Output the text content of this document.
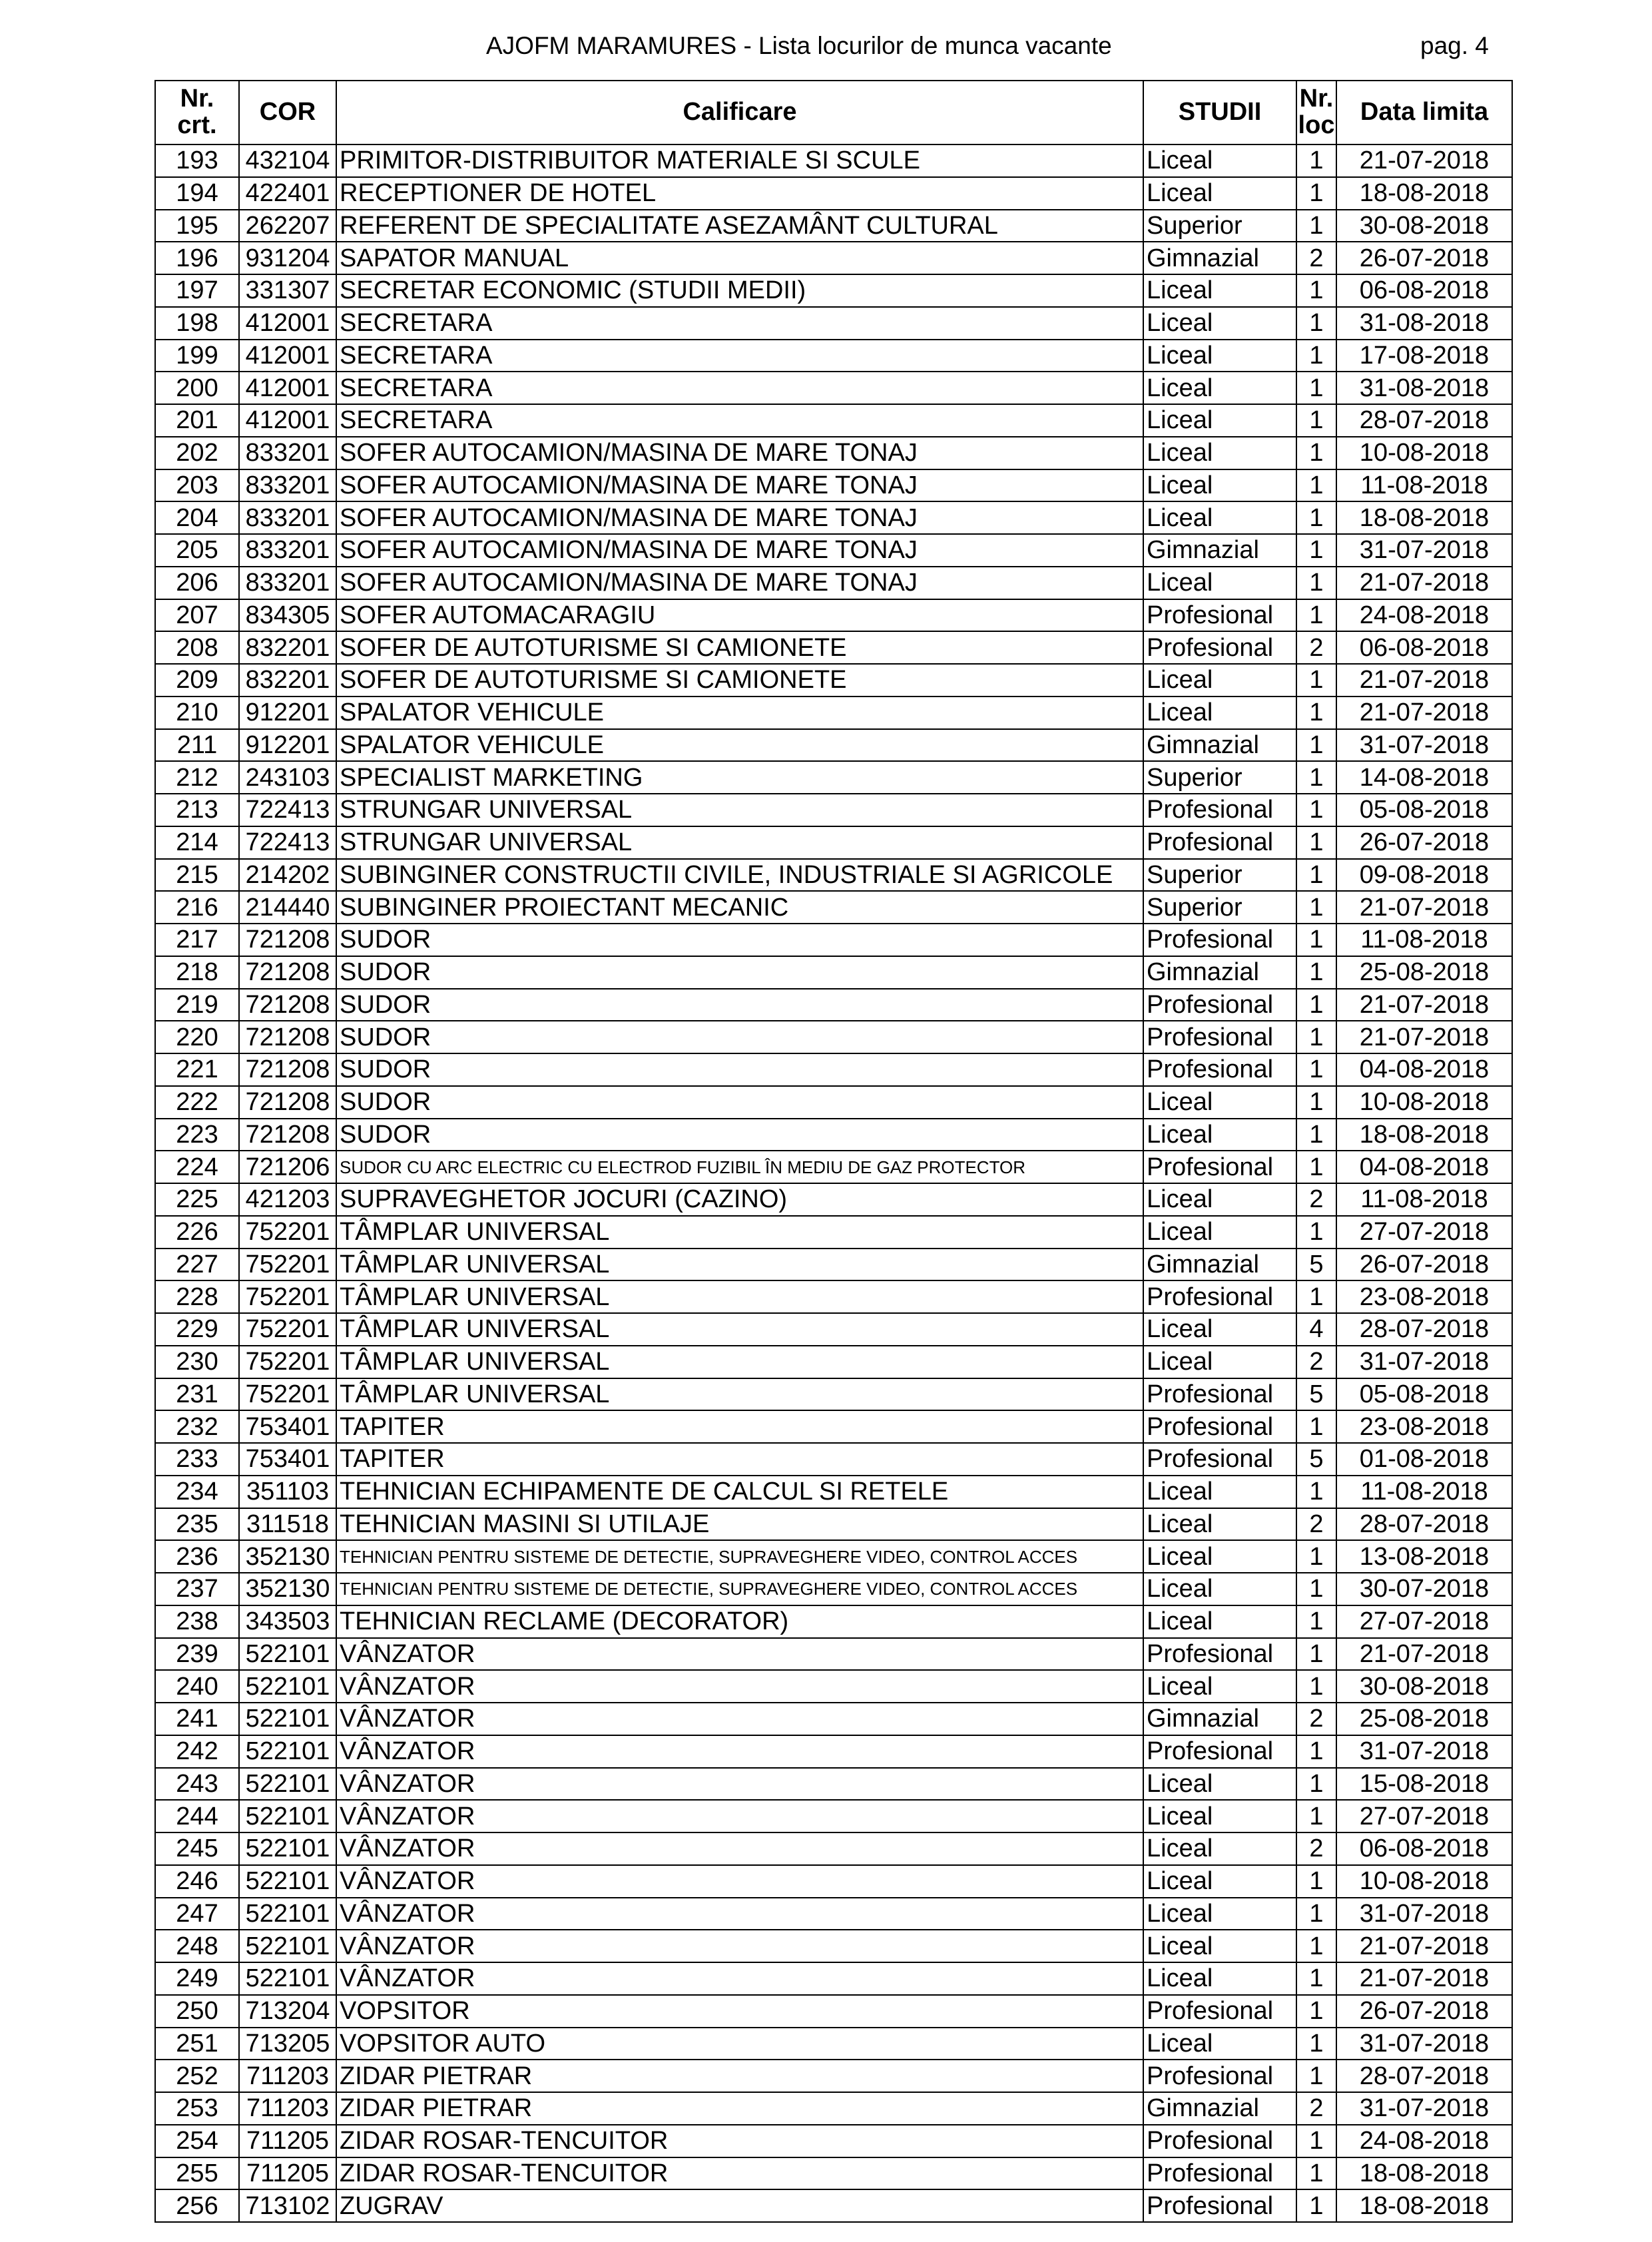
AJOFM MARAMURES - Lista locurilor de munca vacante	pag. 4
Nr.
crt.	COR	Calificare	STUDII	Nr.
loc	Data limita
193	432104	PRIMITOR-DISTRIBUITOR MATERIALE SI SCULE	Liceal	1	21-07-2018
194	422401	RECEPTIONER DE HOTEL	Liceal	1	18-08-2018
195	262207	REFERENT DE SPECIALITATE ASEZAMÂNT CULTURAL	Superior	1	30-08-2018
196	931204	SAPATOR MANUAL	Gimnazial	2	26-07-2018
197	331307	SECRETAR ECONOMIC (STUDII MEDII)	Liceal	1	06-08-2018
198	412001	SECRETARA	Liceal	1	31-08-2018
199	412001	SECRETARA	Liceal	1	17-08-2018
200	412001	SECRETARA	Liceal	1	31-08-2018
201	412001	SECRETARA	Liceal	1	28-07-2018
202	833201	SOFER AUTOCAMION/MASINA DE MARE TONAJ	Liceal	1	10-08-2018
203	833201	SOFER AUTOCAMION/MASINA DE MARE TONAJ	Liceal	1	11-08-2018
204	833201	SOFER AUTOCAMION/MASINA DE MARE TONAJ	Liceal	1	18-08-2018
205	833201	SOFER AUTOCAMION/MASINA DE MARE TONAJ	Gimnazial	1	31-07-2018
206	833201	SOFER AUTOCAMION/MASINA DE MARE TONAJ	Liceal	1	21-07-2018
207	834305	SOFER AUTOMACARAGIU	Profesional	1	24-08-2018
208	832201	SOFER DE AUTOTURISME SI CAMIONETE	Profesional	2	06-08-2018
209	832201	SOFER DE AUTOTURISME SI CAMIONETE	Liceal	1	21-07-2018
210	912201	SPALATOR VEHICULE	Liceal	1	21-07-2018
211	912201	SPALATOR VEHICULE	Gimnazial	1	31-07-2018
212	243103	SPECIALIST MARKETING	Superior	1	14-08-2018
213	722413	STRUNGAR UNIVERSAL	Profesional	1	05-08-2018
214	722413	STRUNGAR UNIVERSAL	Profesional	1	26-07-2018
215	214202	SUBINGINER CONSTRUCTII CIVILE, INDUSTRIALE SI AGRICOLE	Superior	1	09-08-2018
216	214440	SUBINGINER PROIECTANT MECANIC	Superior	1	21-07-2018
217	721208	SUDOR	Profesional	1	11-08-2018
218	721208	SUDOR	Gimnazial	1	25-08-2018
219	721208	SUDOR	Profesional	1	21-07-2018
220	721208	SUDOR	Profesional	1	21-07-2018
221	721208	SUDOR	Profesional	1	04-08-2018
222	721208	SUDOR	Liceal	1	10-08-2018
223	721208	SUDOR	Liceal	1	18-08-2018
224	721206	SUDOR CU ARC ELECTRIC CU ELECTROD FUZIBIL ÎN MEDIU DE GAZ PROTECTOR	Profesional	1	04-08-2018
225	421203	SUPRAVEGHETOR JOCURI (CAZINO)	Liceal	2	11-08-2018
226	752201	TÂMPLAR UNIVERSAL	Liceal	1	27-07-2018
227	752201	TÂMPLAR UNIVERSAL	Gimnazial	5	26-07-2018
228	752201	TÂMPLAR UNIVERSAL	Profesional	1	23-08-2018
229	752201	TÂMPLAR UNIVERSAL	Liceal	4	28-07-2018
230	752201	TÂMPLAR UNIVERSAL	Liceal	2	31-07-2018
231	752201	TÂMPLAR UNIVERSAL	Profesional	5	05-08-2018
232	753401	TAPITER	Profesional	1	23-08-2018
233	753401	TAPITER	Profesional	5	01-08-2018
234	351103	TEHNICIAN ECHIPAMENTE DE CALCUL SI RETELE	Liceal	1	11-08-2018
235	311518	TEHNICIAN MASINI SI UTILAJE	Liceal	2	28-07-2018
236	352130	TEHNICIAN PENTRU SISTEME DE DETECTIE, SUPRAVEGHERE VIDEO, CONTROL ACCES	Liceal	1	13-08-2018
237	352130	TEHNICIAN PENTRU SISTEME DE DETECTIE, SUPRAVEGHERE VIDEO, CONTROL ACCES	Liceal	1	30-07-2018
238	343503	TEHNICIAN RECLAME (DECORATOR)	Liceal	1	27-07-2018
239	522101	VÂNZATOR	Profesional	1	21-07-2018
240	522101	VÂNZATOR	Liceal	1	30-08-2018
241	522101	VÂNZATOR	Gimnazial	2	25-08-2018
242	522101	VÂNZATOR	Profesional	1	31-07-2018
243	522101	VÂNZATOR	Liceal	1	15-08-2018
244	522101	VÂNZATOR	Liceal	1	27-07-2018
245	522101	VÂNZATOR	Liceal	2	06-08-2018
246	522101	VÂNZATOR	Liceal	1	10-08-2018
247	522101	VÂNZATOR	Liceal	1	31-07-2018
248	522101	VÂNZATOR	Liceal	1	21-07-2018
249	522101	VÂNZATOR	Liceal	1	21-07-2018
250	713204	VOPSITOR	Profesional	1	26-07-2018
251	713205	VOPSITOR AUTO	Liceal	1	31-07-2018
252	711203	ZIDAR PIETRAR	Profesional	1	28-07-2018
253	711203	ZIDAR PIETRAR	Gimnazial	2	31-07-2018
254	711205	ZIDAR ROSAR-TENCUITOR	Profesional	1	24-08-2018
255	711205	ZIDAR ROSAR-TENCUITOR	Profesional	1	18-08-2018
256	713102	ZUGRAV	Profesional	1	18-08-2018
